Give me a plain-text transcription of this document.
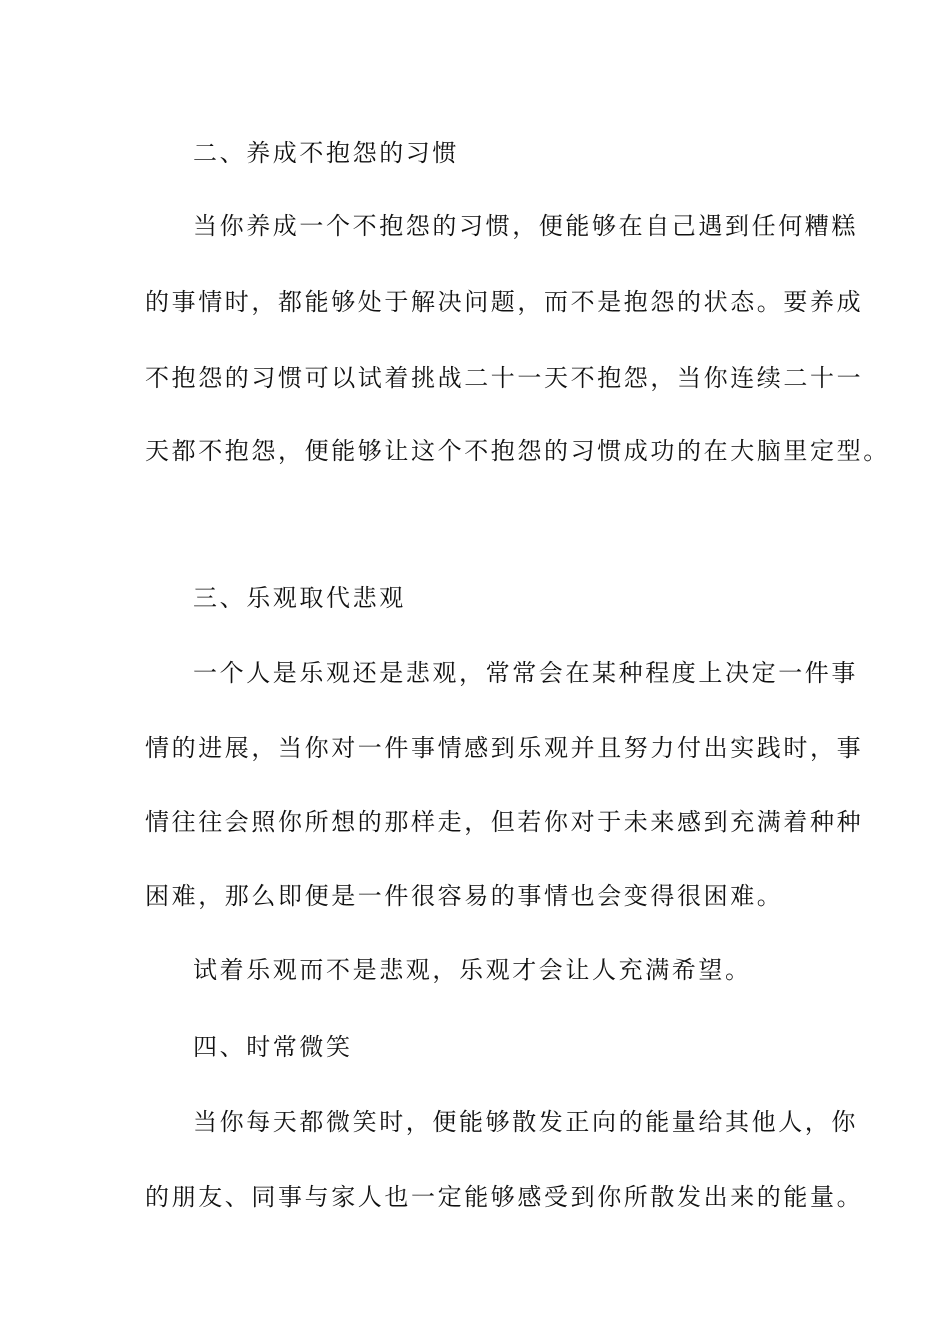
二、养成不抱怨的习惯
当你养成一个不抱怨的习惯，便能够在自己遇到任何糟糕
的事情时，都能够处于解决问题，而不是抱怨的状态。要养成
不抱怨的习惯可以试着挑战二十一天不抱怨，当你连续二十一
天都不抱怨，便能够让这个不抱怨的习惯成功的在大脑里定型。
三、乐观取代悲观
一个人是乐观还是悲观，常常会在某种程度上决定一件事
情的进展，当你对一件事情感到乐观并且努力付出实践时，事
情往往会照你所想的那样走，但若你对于未来感到充满着种种
困难，那么即便是一件很容易的事情也会变得很困难。
试着乐观而不是悲观，乐观才会让人充满希望。
四、时常微笑
当你每天都微笑时，便能够散发正向的能量给其他人，你
的朋友、同事与家人也一定能够感受到你所散发出来的能量。
